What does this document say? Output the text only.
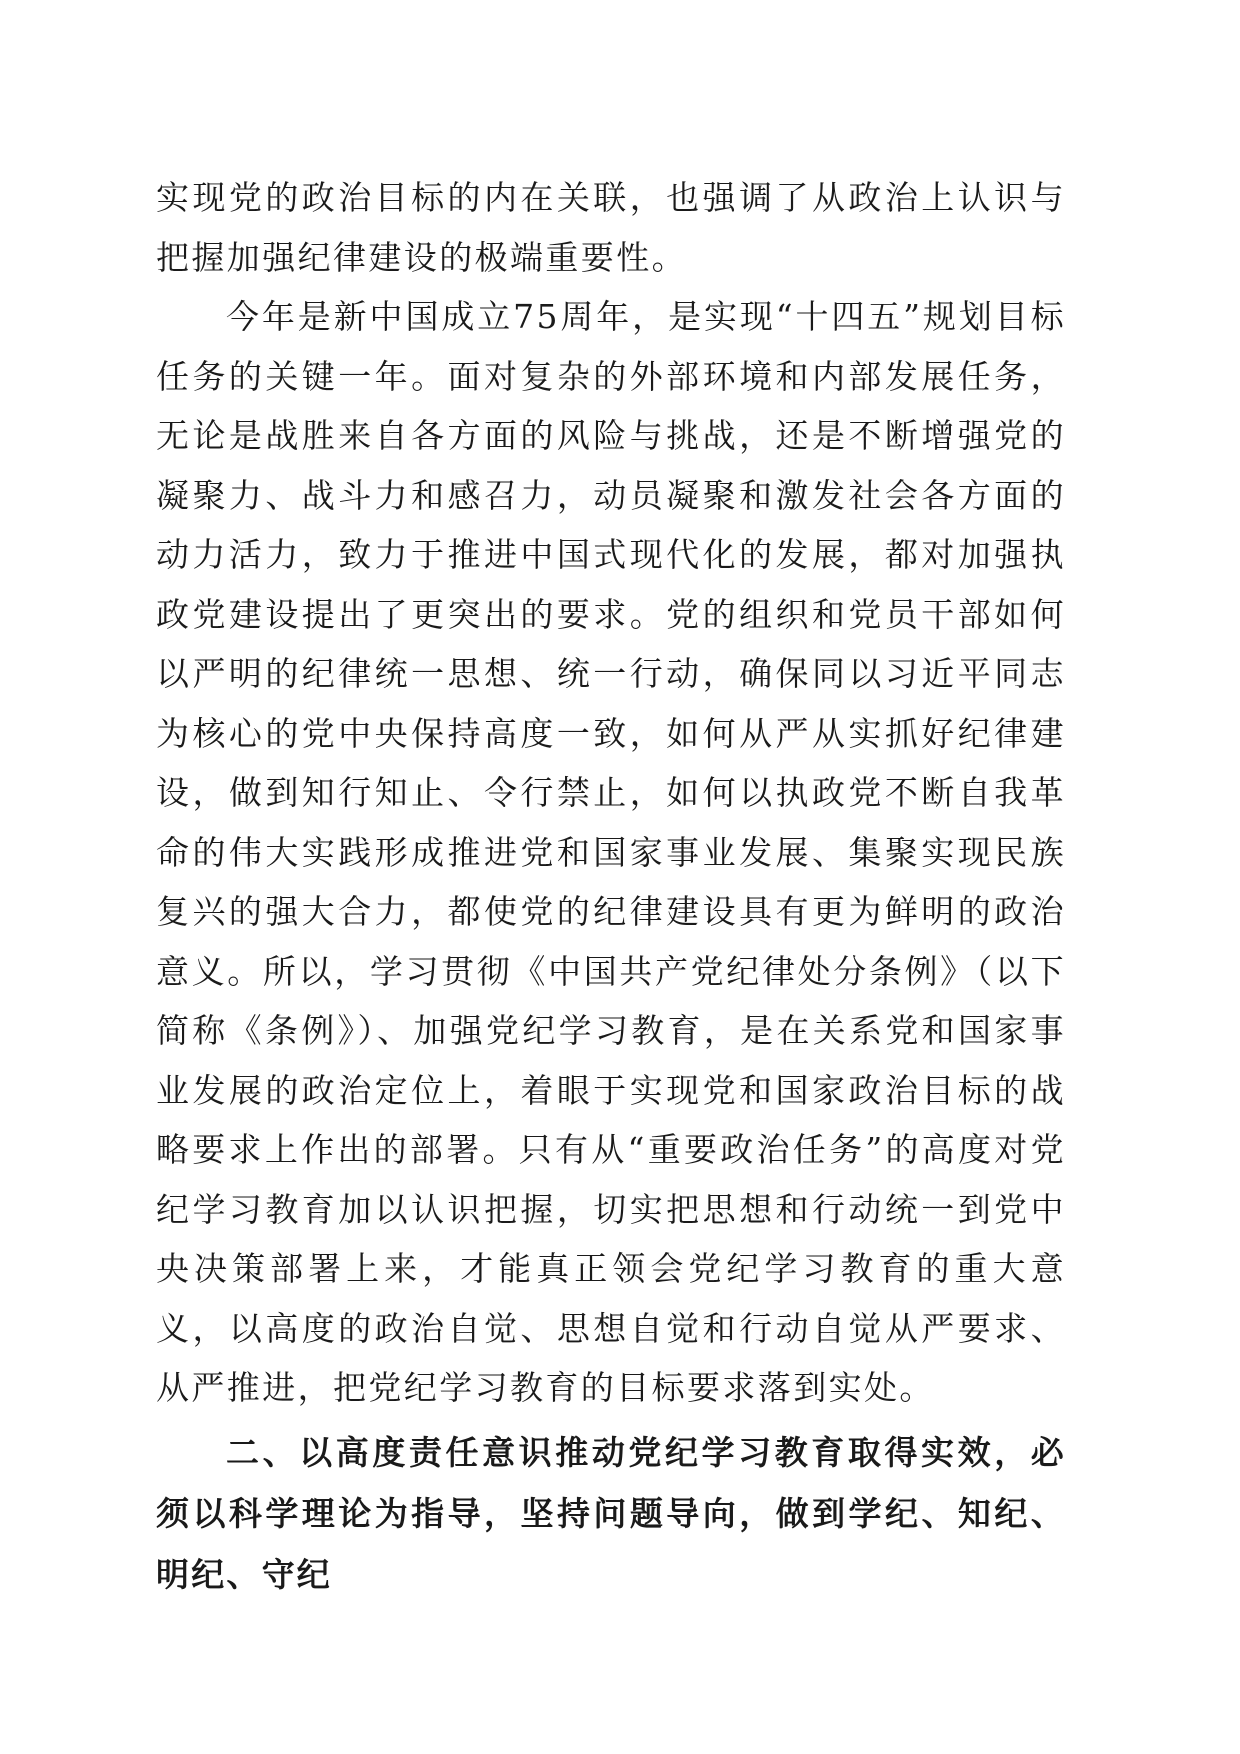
实现党的政治目标的内在关联，也强调了从政治上认识与把握加强纪律建设的极端重要性。

今年是新中国成立75周年，是实现“十四五”规划目标任务的关键一年。面对复杂的外部环境和内部发展任务，无论是战胜来自各方面的风险与挑战，还是不断增强党的凝聚力、战斗力和感召力，动员凝聚和激发社会各方面的动力活力，致力于推进中国式现代化的发展，都对加强执政党建设提出了更突出的要求。党的组织和党员干部如何以严明的纪律统一思想、统一行动，确保同以习近平同志为核心的党中央保持高度一致，如何从严从实抓好纪律建设，做到知行知止、令行禁止，如何以执政党不断自我革命的伟大实践形成推进党和国家事业发展、集聚实现民族复兴的强大合力，都使党的纪律建设具有更为鲜明的政治意义。所以，学习贯彻《中国共产党纪律处分条例》（以下简称《条例》）、加强党纪学习教育，是在关系党和国家事业发展的政治定位上，着眼于实现党和国家政治目标的战略要求上作出的部署。只有从“重要政治任务”的高度对党纪学习教育加以认识把握，切实把思想和行动统一到党中央决策部署上来，才能真正领会党纪学习教育的重大意义，以高度的政治自觉、思想自觉和行动自觉从严要求、从严推进，把党纪学习教育的目标要求落到实处。

二、以高度责任意识推动党纪学习教育取得实效，必须以科学理论为指导，坚持问题导向，做到学纪、知纪、明纪、守纪
